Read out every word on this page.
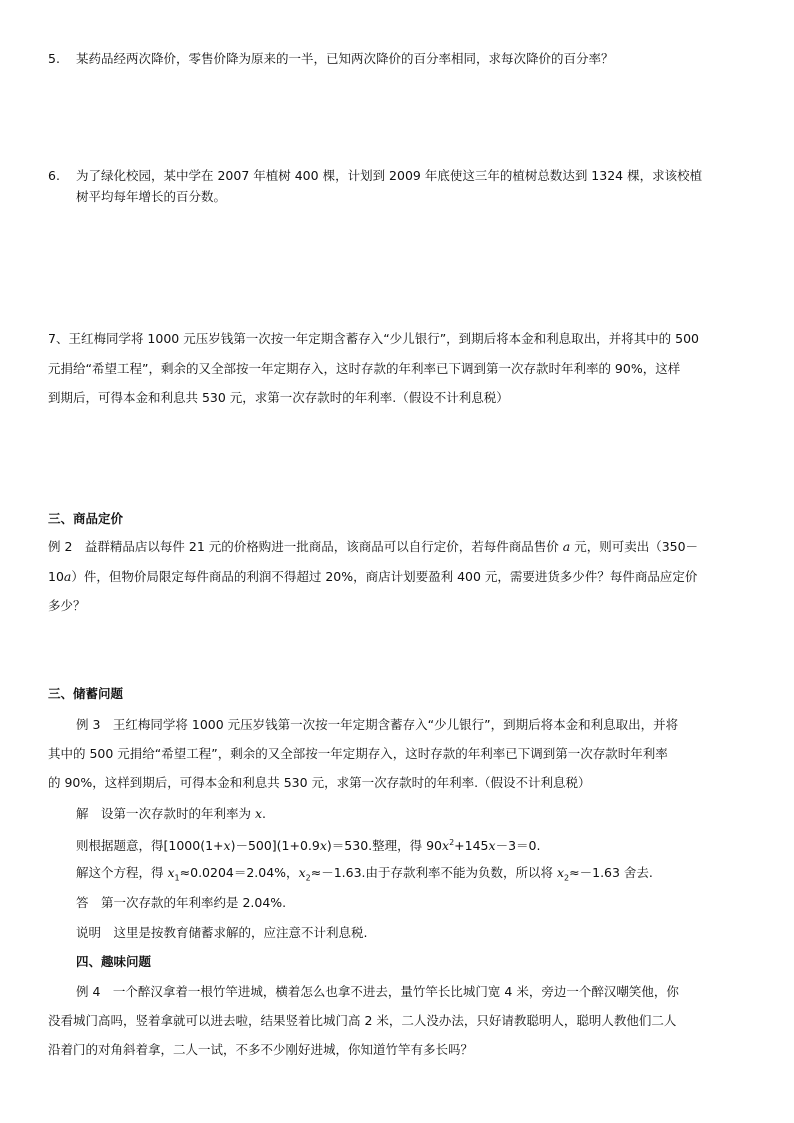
5. 某药品经两次降价，零售价降为原来的一半，已知两次降价的百分率相同，求每次降价的百分率？

6. 为了绿化校园，某中学在 2007 年植树 400 棵，计划到 2009 年底使这三年的植树总数达到 1324 棵，求该校植

树平均每年增长的百分数。

7、王红梅同学将 1000 元压岁钱第一次按一年定期含蓄存入“少儿银行”，到期后将本金和利息取出，并将其中的 500

元捐给“希望工程”，剩余的又全部按一年定期存入，这时存款的年利率已下调到第一次存款时年利率的 90%，这样

到期后，可得本金和利息共 530 元，求第一次存款时的年利率.（假设不计利息税）

三、商品定价

例 2　益群精品店以每件 21 元的价格购进一批商品，该商品可以自行定价，若每件商品售价 a 元，则可卖出（350－

10a）件，但物价局限定每件商品的利润不得超过 20%，商店计划要盈利 400 元，需要进货多少件？每件商品应定价

多少？

三、储蓄问题

例 3　王红梅同学将 1000 元压岁钱第一次按一年定期含蓄存入“少儿银行”，到期后将本金和利息取出，并将

其中的 500 元捐给“希望工程”，剩余的又全部按一年定期存入，这时存款的年利率已下调到第一次存款时年利率

的 90%，这样到期后，可得本金和利息共 530 元，求第一次存款时的年利率.（假设不计利息税）

解　设第一次存款时的年利率为 x.

则根据题意，得[1000(1+x)－500](1+0.9x)＝530.整理，得 $90x^2+145x-3=0$.

解这个方程，得 $x_1\approx 0.0204=2.04\%$，$x_2\approx-1.63$.由于存款利率不能为负数，所以将 $x_2\approx-1.63$ 舍去.

答　第一次存款的年利率约是 2.04%.

说明　这里是按教育储蓄求解的，应注意不计利息税.

四、趣味问题

例 4　一个醉汉拿着一根竹竿进城，横着怎么也拿不进去，量竹竿长比城门宽 4 米，旁边一个醉汉嘲笑他，你

没看城门高吗，竖着拿就可以进去啦，结果竖着比城门高 2 米，二人没办法，只好请教聪明人，聪明人教他们二人

沿着门的对角斜着拿，二人一试，不多不少刚好进城，你知道竹竿有多长吗？
